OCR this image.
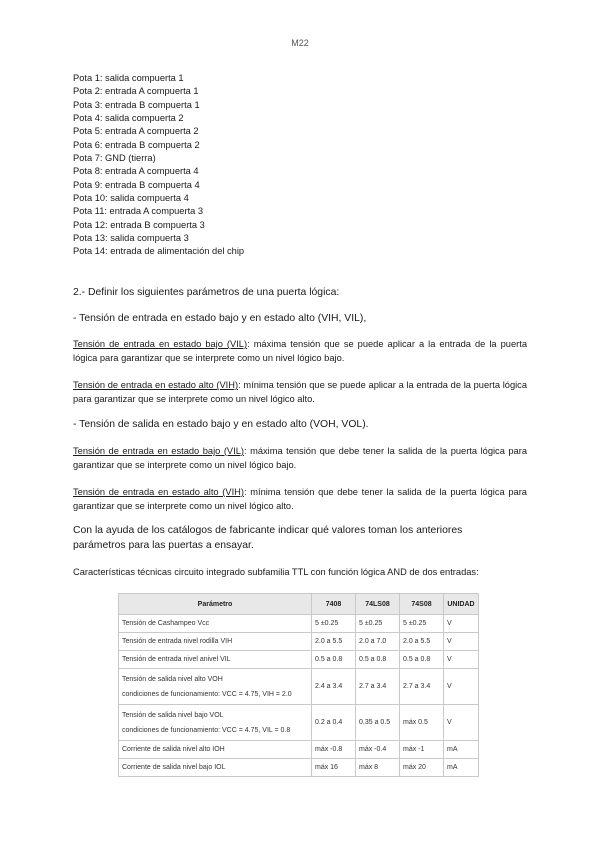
M22
Pota 1: salida compuerta 1
Pota 2: entrada A compuerta 1
Pota 3: entrada B compuerta 1
Pota 4: salida compuerta 2
Pota 5: entrada A compuerta 2
Pota 6: entrada B compuerta 2
Pota 7: GND (tierra)
Pota 8: entrada A compuerta 4
Pota 9: entrada B compuerta 4
Pota 10: salida compuerta 4
Pota 11: entrada A compuerta 3
Pota 12: entrada B compuerta 3
Pota 13: salida compuerta 3
Pota 14: entrada de alimentación del chip
2.- Definir los siguientes parámetros de una puerta lógica:
- Tensión de entrada en estado bajo y en estado alto (VIH, VIL),
Tensión de entrada en estado bajo (VIL): máxima tensión que se puede aplicar a la entrada de la puerta lógica para garantizar que se interprete como un nivel lógico bajo.
Tensión de entrada en estado alto (VIH): mínima tensión que se puede aplicar a la entrada de la puerta lógica para garantizar que se interprete como un nivel lógico alto.
- Tensión de salida en estado bajo y en estado alto (VOH, VOL).
Tensión de entrada en estado bajo (VIL): máxima tensión que debe tener la salida de la puerta lógica para garantizar que se interprete como un nivel lógico bajo.
Tensión de entrada en estado alto (VIH): mínima tensión que debe tener la salida de la puerta lógica para garantizar que se interprete como un nivel lógico alto.
Con la ayuda de los catálogos de fabricante indicar qué valores toman los anteriores parámetros para las puertas a ensayar.
Características técnicas circuito integrado subfamilia TTL con función lógica AND de dos entradas:
Parámetro	7408	74LS08	74S08	UNIDAD
Tensión de Cashampeo Vcc	5 ±0.25	5 ±0.25	5 ±0.25	V
Tensión de entrada nivel rodilla VIH	2.0 a 5.5	2.0 a 7.0	2.0 a 5.5	V
Tensión de entrada nivel anivel VIL	0.5 a 0.8	0.5 a 0.8	0.5 a 0.8	V

Tensión de salida nivel alto VOH
condiciones de funcionamiento: VCC = 4.75, VIH = 2.0	2.4 a 3.4	2.7 a 3.4	2.7 a 3.4	V

Tensión de salida nivel bajo VOL
condiciones de funcionamiento: VCC = 4.75, VIL = 0.8	0.2 a 0.4	0.35 a 0.5	máx 0.5	V
Corriente de salida nivel alto IOH	máx -0.8	máx -0.4	máx -1	mA
Corriente de salida nivel bajo IOL	máx 16	máx 8	máx 20	mA
